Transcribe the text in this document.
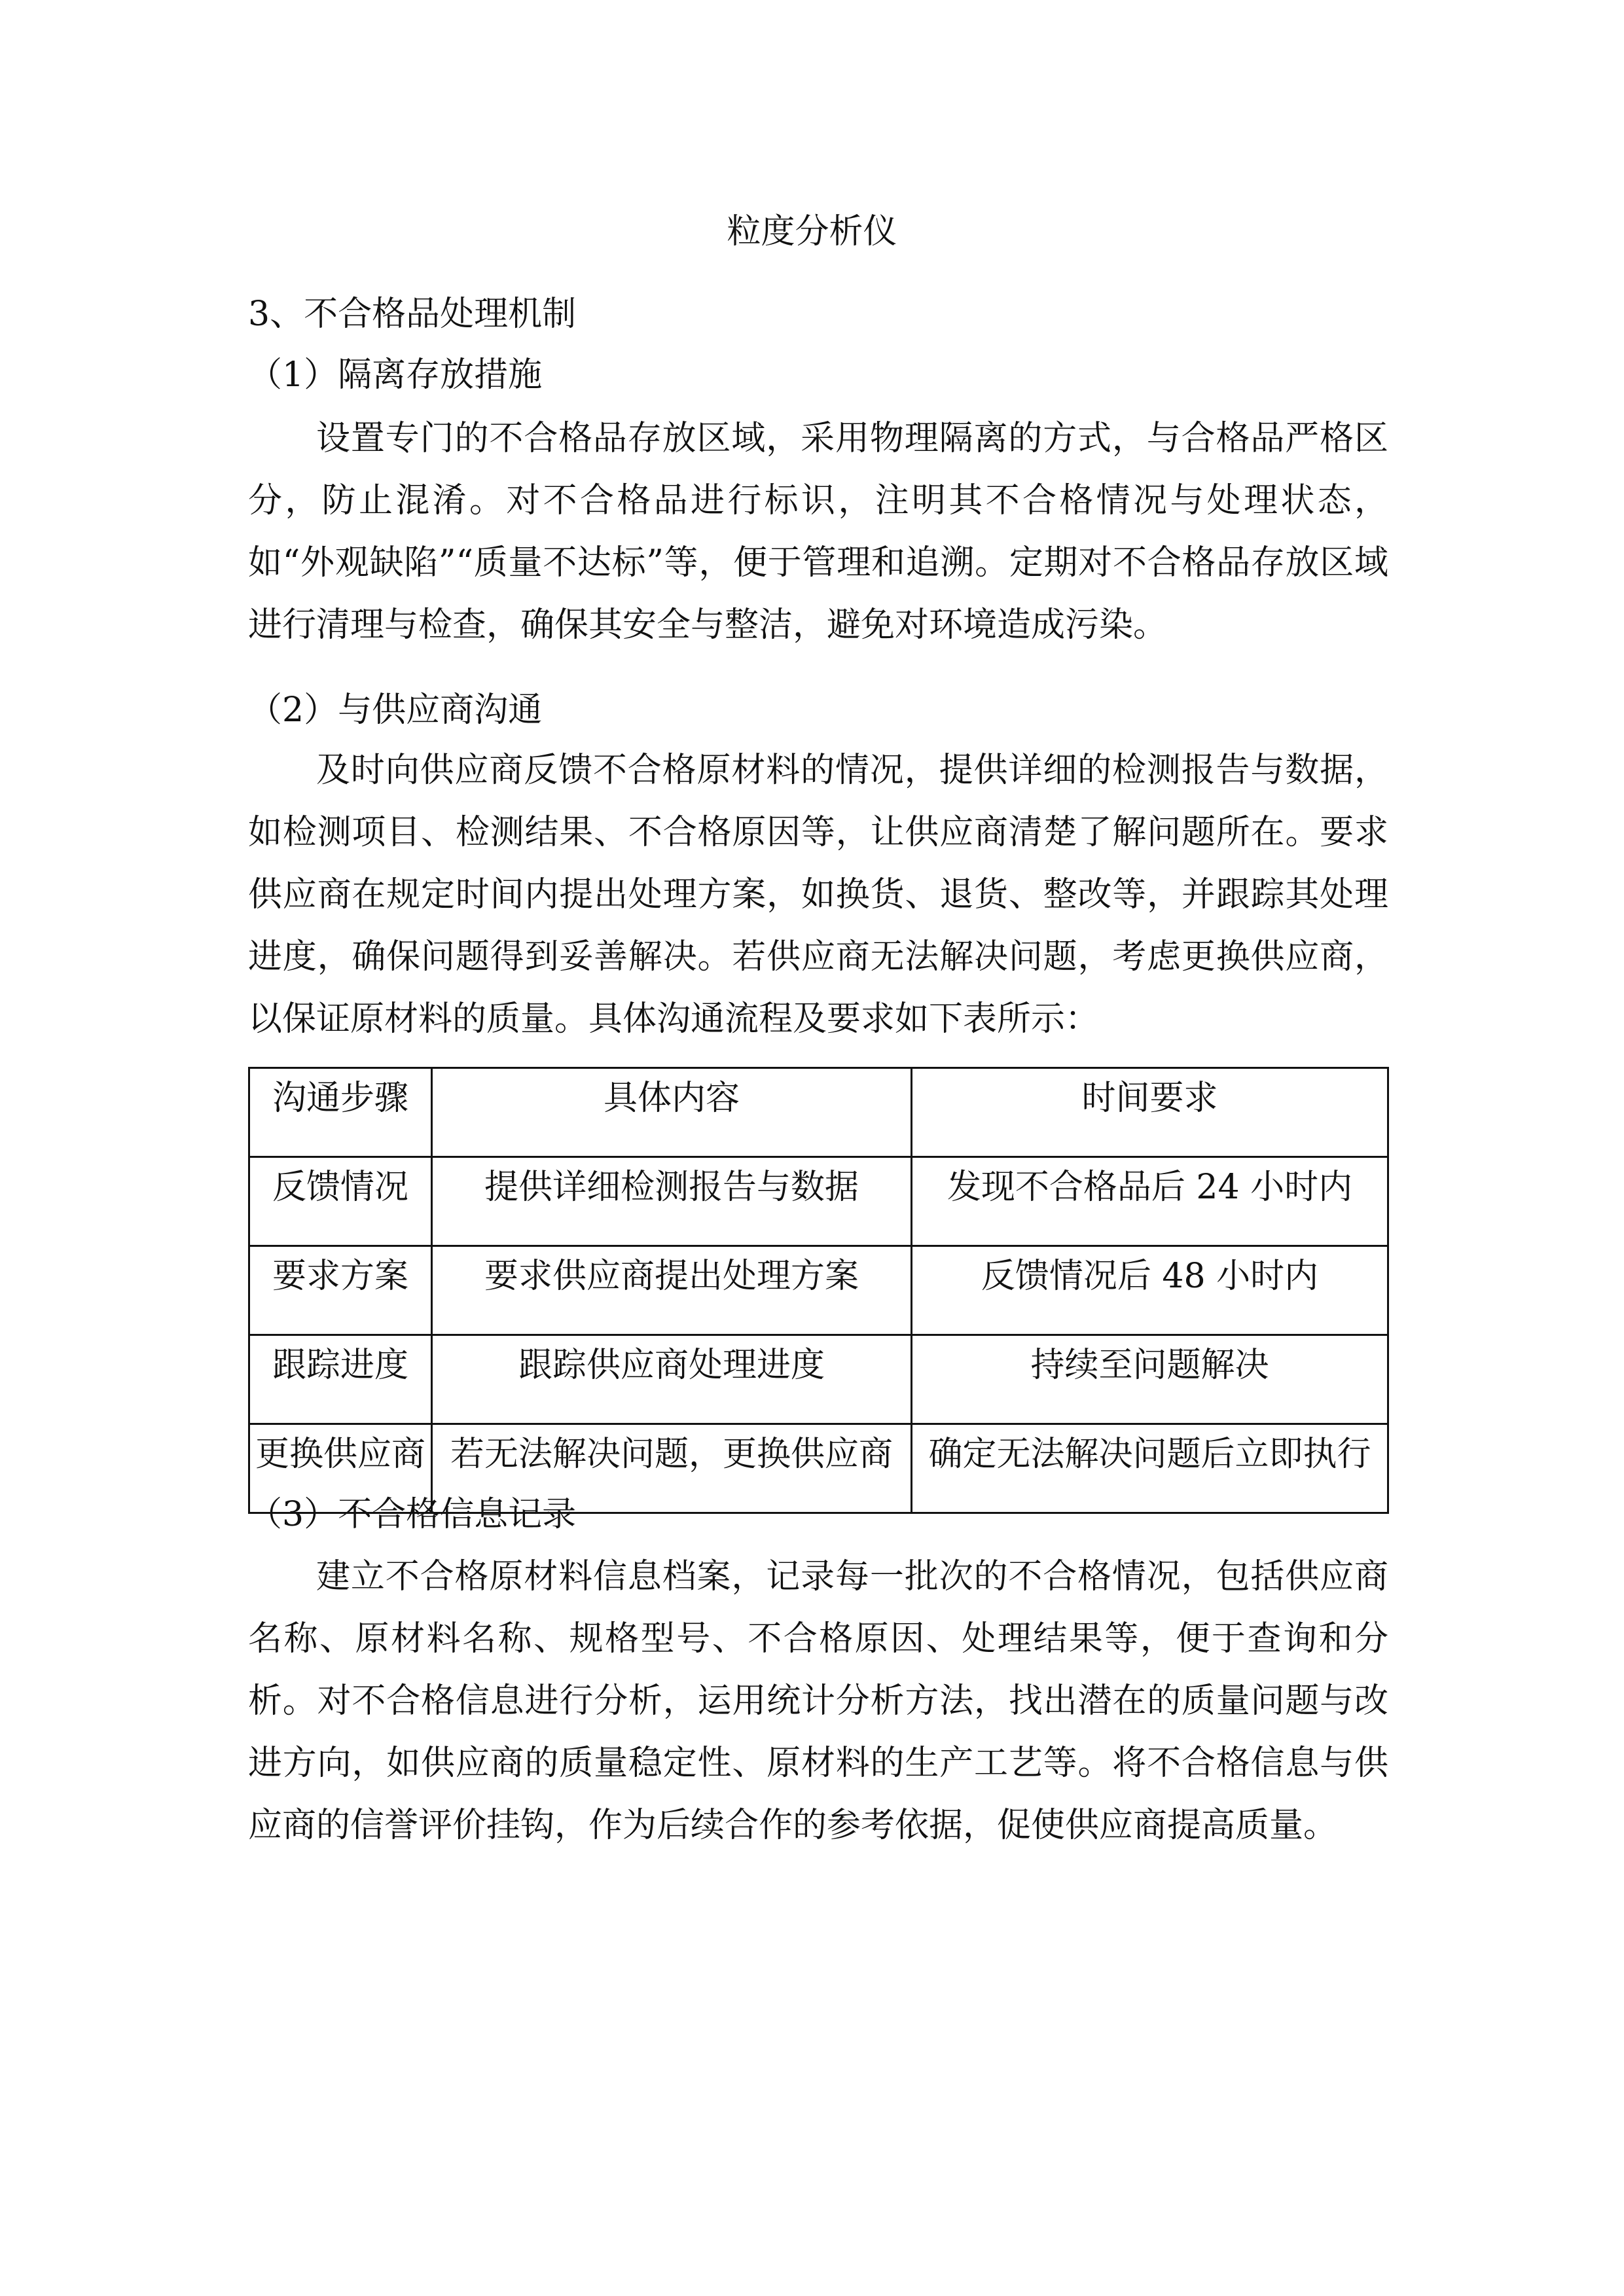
粒度分析仪
3、不合格品处理机制
（1）隔离存放措施
设置专门的不合格品存放区域，采用物理隔离的方式，与合格品严格区分，防止混淆。对不合格品进行标识，注明其不合格情况与处理状态，如“外观缺陷”“质量不达标”等，便于管理和追溯。定期对不合格品存放区域进行清理与检查，确保其安全与整洁，避免对环境造成污染。
（2）与供应商沟通
及时向供应商反馈不合格原材料的情况，提供详细的检测报告与数据，如检测项目、检测结果、不合格原因等，让供应商清楚了解问题所在。要求供应商在规定时间内提出处理方案，如换货、退货、整改等，并跟踪其处理进度，确保问题得到妥善解决。若供应商无法解决问题，考虑更换供应商，以保证原材料的质量。具体沟通流程及要求如下表所示：
沟通步骤	具体内容	时间要求
反馈情况	提供详细检测报告与数据	发现不合格品后 24 小时内
要求方案	要求供应商提出处理方案	反馈情况后 48 小时内
跟踪进度	跟踪供应商处理进度	持续至问题解决
更换供应商	若无法解决问题，更换供应商	确定无法解决问题后立即执行
（3）不合格信息记录
建立不合格原材料信息档案，记录每一批次的不合格情况，包括供应商名称、原材料名称、规格型号、不合格原因、处理结果等，便于查询和分析。对不合格信息进行分析，运用统计分析方法，找出潜在的质量问题与改进方向，如供应商的质量稳定性、原材料的生产工艺等。将不合格信息与供应商的信誉评价挂钩，作为后续合作的参考依据，促使供应商提高质量。
